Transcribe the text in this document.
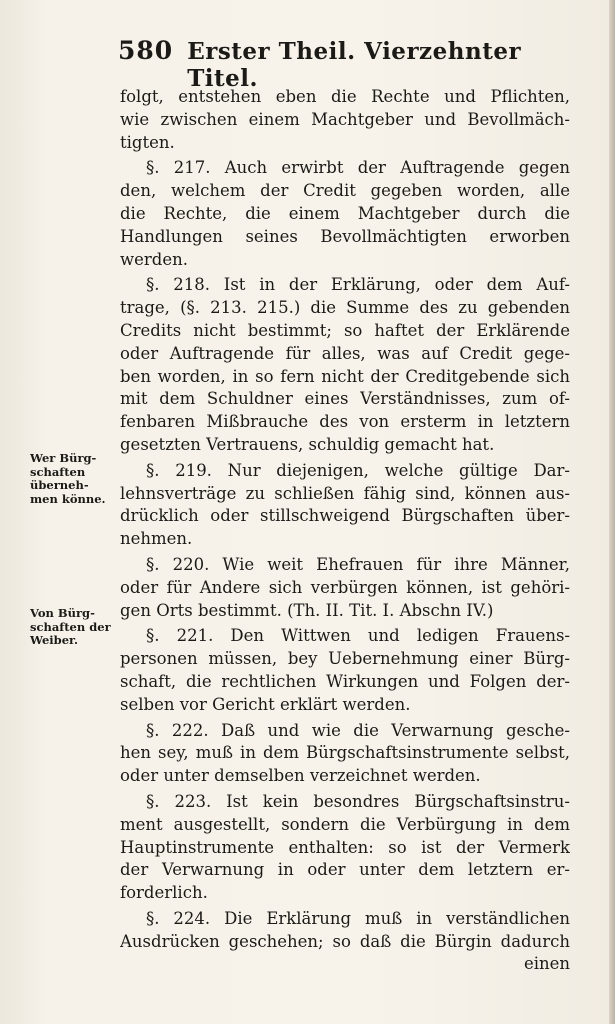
580 Erster Theil. Vierzehnter Titel.
Wer Bürg-
schaften
überneh-
men könne.
Von Bürg-
schaften der
Weiber.
folgt, entstehen eben die Rechte und Pflichten,
wie zwischen einem Machtgeber und Bevollmäch-
tigten.
§. 217. Auch erwirbt der Auftragende gegen
den, welchem der Credit gegeben worden, alle
die Rechte, die einem Machtgeber durch die
Handlungen seines Bevollmächtigten erworben
werden.
§. 218. Ist in der Erklärung, oder dem Auf-
trage, (§. 213. 215.) die Summe des zu gebenden
Credits nicht bestimmt; so haftet der Erklärende
oder Auftragende für alles, was auf Credit gege-
ben worden, in so fern nicht der Creditgebende sich
mit dem Schuldner eines Verständnisses, zum of-
fenbaren Mißbrauche des von ersterm in letztern
gesetzten Vertrauens, schuldig gemacht hat.
§. 219. Nur diejenigen, welche gültige Dar-
lehnsverträge zu schließen fähig sind, können aus-
drücklich oder stillschweigend Bürgschaften über-
nehmen.
§. 220. Wie weit Ehefrauen für ihre Männer,
oder für Andere sich verbürgen können, ist gehöri-
gen Orts bestimmt. (Th. II. Tit. I. Abschn IV.)
§. 221. Den Wittwen und ledigen Frauens-
personen müssen, bey Uebernehmung einer Bürg-
schaft, die rechtlichen Wirkungen und Folgen der-
selben vor Gericht erklärt werden.
§. 222. Daß und wie die Verwarnung gesche-
hen sey, muß in dem Bürgschaftsinstrumente selbst,
oder unter demselben verzeichnet werden.
§. 223. Ist kein besondres Bürgschaftsinstru-
ment ausgestellt, sondern die Verbürgung in dem
Hauptinstrumente enthalten: so ist der Vermerk
der Verwarnung in oder unter dem letztern er-
forderlich.
§. 224. Die Erklärung muß in verständlichen
Ausdrücken geschehen; so daß die Bürgin dadurch
einen
